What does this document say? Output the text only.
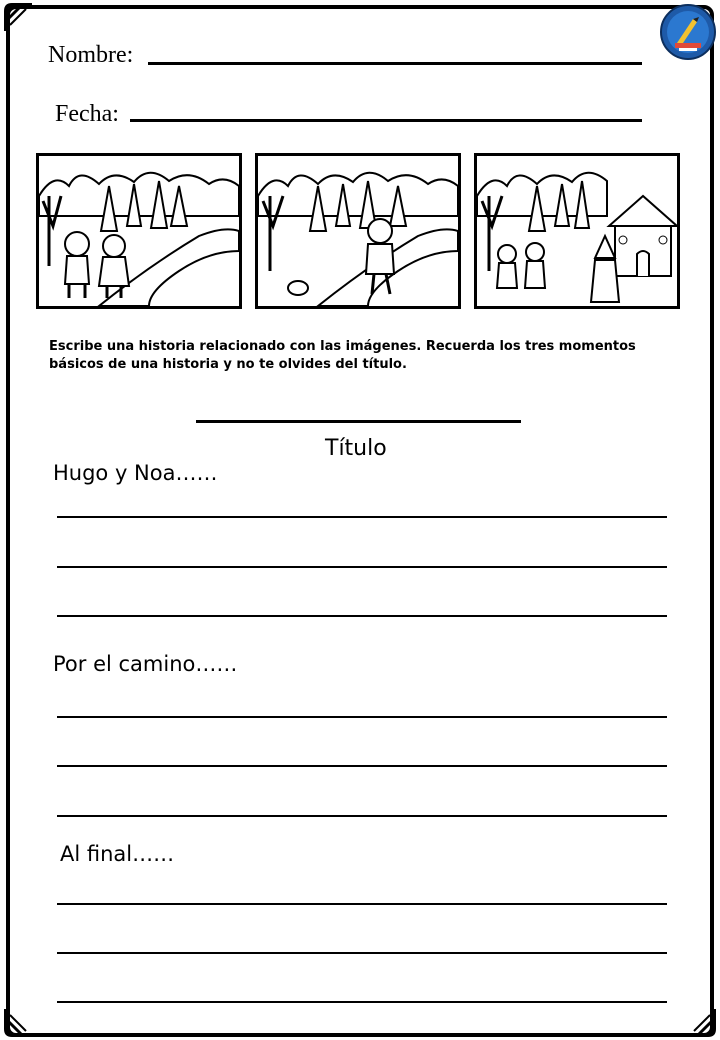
Nombre:
Fecha:
Escribe una historia relacionado con las imágenes. Recuerda los tres momentos básicos de una historia y no te olvides del título.
Título
Hugo y Noa……
Por el camino……
Al final……
